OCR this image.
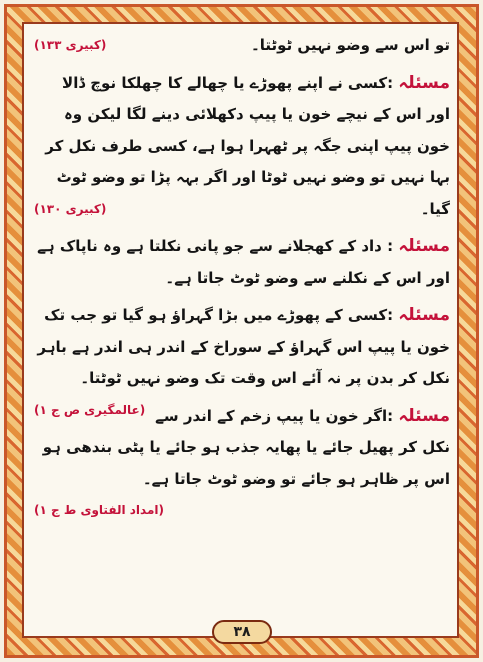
تو اس سے وضو نہیں ٹوٹتا۔
(کبیری ۱۳۳)

مسئلہ :کسی نے اپنے پھوڑے یا چھالے کا چھلکا نوچ ڈالا اور اس کے نیچے خون یا پیپ دکھلائی دینے لگا لیکن وہ خون پیپ اپنی جگہ پر ٹھہرا ہوا ہے، کسی طرف نکل کر بہا نہیں تو وضو نہیں ٹوٹا اور اگر بہہ پڑا تو وضو ٹوٹ گیا۔
(کبیری ۱۳۰)

مسئلہ : داد کے کھجلانے سے جو پانی نکلتا ہے وہ ناپاک ہے اور اس کے نکلنے سے وضو ٹوٹ جاتا ہے۔

مسئلہ :کسی کے پھوڑے میں بڑا گہراؤ ہو گیا تو جب تک خون یا پیپ اس گہراؤ کے سوراخ کے اندر ہی اندر ہے باہر نکل کر بدن پر نہ آئے اس وقت تک وضو نہیں ٹوٹتا۔
(عالمگیری ص ج ۱)	مسئلہ :اگر خون یا پیپ زخم کے اندر سے نکل کر پھیل جائے یا پھایہ جذب ہو جائے یا پٹی بندھی ہو اس پر ظاہر ہو جائے تو وضو ٹوٹ جاتا ہے۔
(امداد الفتاوی ط ج ۱)

۳۸
